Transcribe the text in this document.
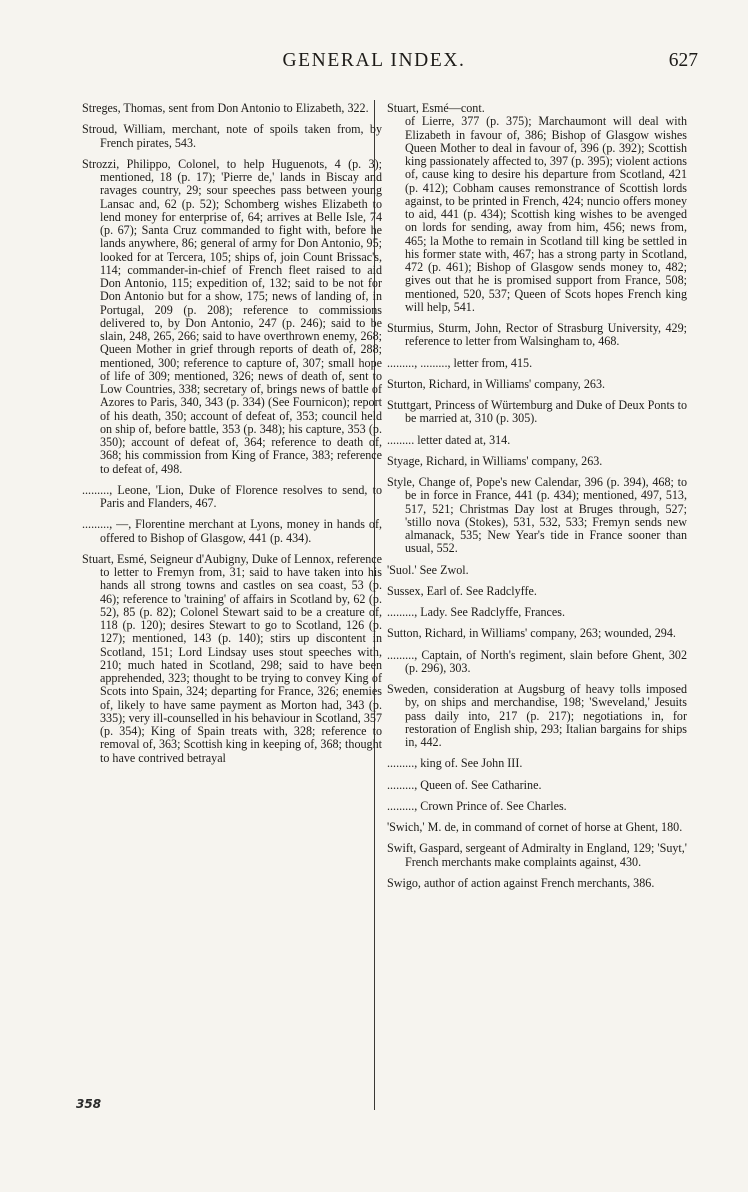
GENERAL INDEX.	627

Streges, Thomas, sent from Don Antonio to Elizabeth, 322.

Stroud, William, merchant, note of spoils taken from, by French pirates, 543.

Strozzi, Philippo, Colonel, to help Huguenots, 4 (p. 3); mentioned, 18 (p. 17); 'Pierre de,' lands in Biscay and ravages country, 29; sour speeches pass between young Lansac and, 62 (p. 52); Schomberg wishes Elizabeth to lend money for enterprise of, 64; arrives at Belle Isle, 74 (p. 67); Santa Cruz commanded to fight with, before he lands anywhere, 86; general of army for Don Antonio, 95; looked for at Tercera, 105; ships of, join Count Brissac's, 114; commander-in-chief of French fleet raised to aid Don Antonio, 115; expedition of, 132; said to be not for Don Antonio but for a show, 175; news of landing of, in Portugal, 209 (p. 208); reference to commissions delivered to, by Don Antonio, 247 (p. 246); said to be slain, 248, 265, 266; said to have overthrown enemy, 268; Queen Mother in grief through reports of death of, 288; mentioned, 300; reference to capture of, 307; small hope of life of 309; mentioned, 326; news of death of, sent to Low Countries, 338; secretary of, brings news of battle of Azores to Paris, 340, 343 (p. 334) (See Fournicon); report of his death, 350; account of defeat of, 353; council held on ship of, before battle, 353 (p. 348); his capture, 353 (p. 350); account of defeat of, 364; reference to death of, 368; his commission from King of France, 383; reference to defeat of, 498.

........., Leone, 'Lion, Duke of Florence resolves to send, to Paris and Flanders, 467.

........., —, Florentine merchant at Lyons, money in hands of, offered to Bishop of Glasgow, 441 (p. 434).

Stuart, Esmé, Seigneur d'Aubigny, Duke of Lennox, reference to letter to Fremyn from, 31; said to have taken into his hands all strong towns and castles on sea coast, 53 (p. 46); reference to 'training' of affairs in Scotland by, 62 (p. 52), 85 (p. 82); Colonel Stewart said to be a creature of, 118 (p. 120); desires Stewart to go to Scotland, 126 (p. 127); mentioned, 143 (p. 140); stirs up discontent in Scotland, 151; Lord Lindsay uses stout speeches with, 210; much hated in Scotland, 298; said to have been apprehended, 323; thought to be trying to convey King of Scots into Spain, 324; departing for France, 326; enemies of, likely to have same payment as Morton had, 343 (p. 335); very ill-counselled in his behaviour in Scotland, 357 (p. 354); King of Spain treats with, 328; reference to removal of, 363; Scottish king in keeping of, 368; thought to have contrived betrayal

Stuart, Esmé—cont.

of Lierre, 377 (p. 375); Marchaumont will deal with Elizabeth in favour of, 386; Bishop of Glasgow wishes Queen Mother to deal in favour of, 396 (p. 392); Scottish king passionately affected to, 397 (p. 395); violent actions of, cause king to desire his departure from Scotland, 421 (p. 412); Cobham causes remonstrance of Scottish lords against, to be printed in French, 424; nuncio offers money to aid, 441 (p. 434); Scottish king wishes to be avenged on lords for sending, away from him, 456; news from, 465; la Mothe to remain in Scotland till king be settled in his former state with, 467; has a strong party in Scotland, 472 (p. 461); Bishop of Glasgow sends money to, 482; gives out that he is promised support from France, 508; mentioned, 520, 537; Queen of Scots hopes French king will help, 541.

Sturmius, Sturm, John, Rector of Strasburg University, 429; reference to letter from Walsingham to, 468.

........., ........., letter from, 415.

Sturton, Richard, in Williams' company, 263.

Stuttgart, Princess of Würtemburg and Duke of Deux Ponts to be married at, 310 (p. 305).

......... letter dated at, 314.

Styage, Richard, in Williams' company, 263.

Style, Change of, Pope's new Calendar, 396 (p. 394), 468; to be in force in France, 441 (p. 434); mentioned, 497, 513, 517, 521; Christmas Day lost at Bruges through, 527; 'stillo nova (Stokes), 531, 532, 533; Fremyn sends new almanack, 535; New Year's tide in France sooner than usual, 552.

'Suol.' See Zwol.

Sussex, Earl of. See Radclyffe.

........., Lady. See Radclyffe, Frances.

Sutton, Richard, in Williams' company, 263; wounded, 294.

........., Captain, of North's regiment, slain before Ghent, 302 (p. 296), 303.

Sweden, consideration at Augsburg of heavy tolls imposed by, on ships and merchandise, 198; 'Sweveland,' Jesuits pass daily into, 217 (p. 217); negotiations in, for restoration of English ship, 293; Italian bargains for ships in, 442.

........., king of. See John III.

........., Queen of. See Catharine.

........., Crown Prince of. See Charles.

'Swich,' M. de, in command of cornet of horse at Ghent, 180.

Swift, Gaspard, sergeant of Admiralty in England, 129; 'Suyt,' French merchants make complaints against, 430.

Swigo, author of action against French merchants, 386.

358
